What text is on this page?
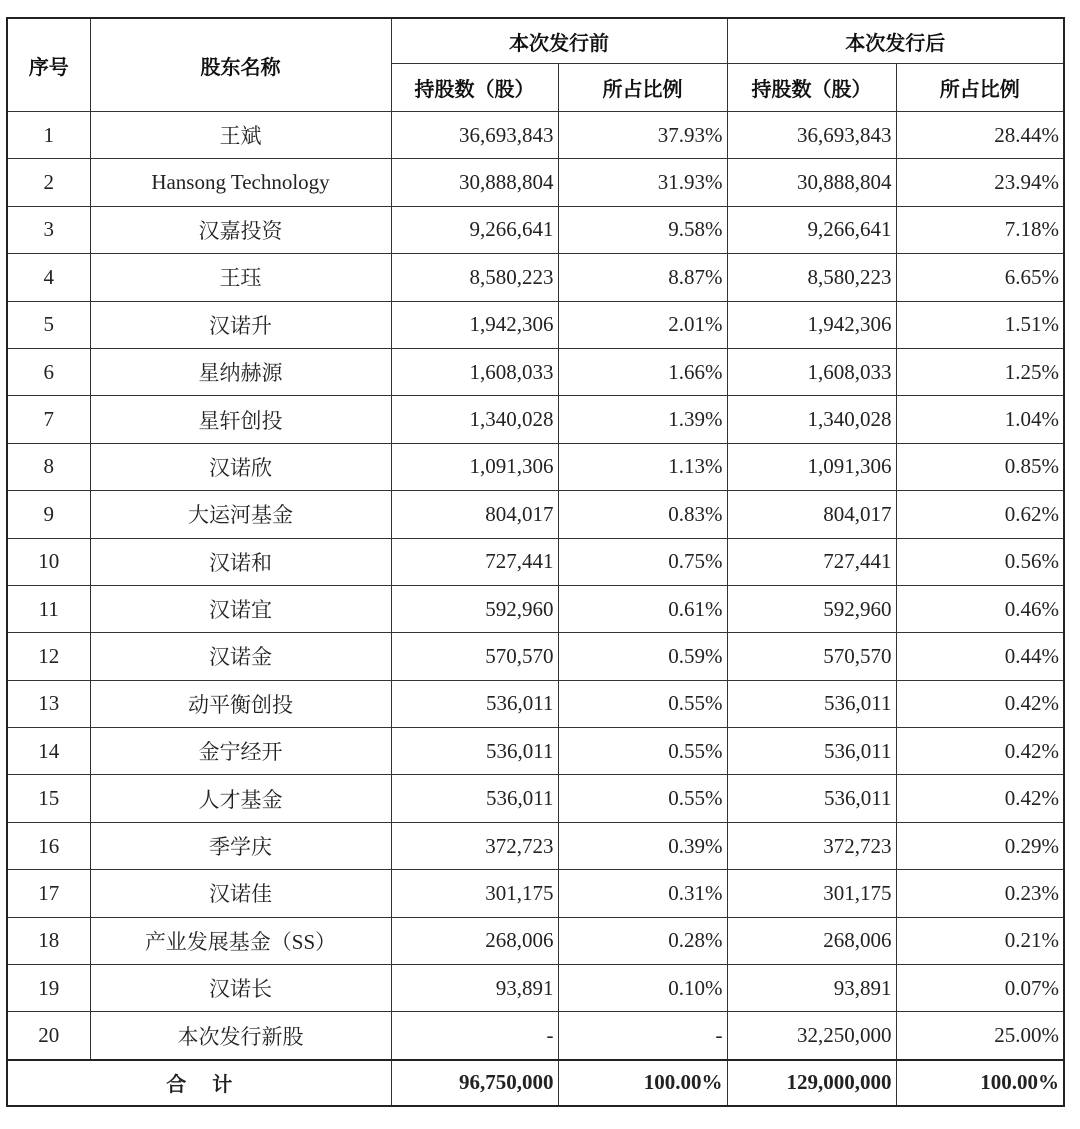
序号	股东名称	本次发行前		本次发行后	
		持股数（股）	所占比例	持股数（股）	所占比例
1	王斌	36,693,843	37.93%	36,693,843	28.44%
2	Hansong Technology	30,888,804	31.93%	30,888,804	23.94%
3	汉嘉投资	9,266,641	9.58%	9,266,641	7.18%
4	王珏	8,580,223	8.87%	8,580,223	6.65%
5	汉诺升	1,942,306	2.01%	1,942,306	1.51%
6	星纳赫源	1,608,033	1.66%	1,608,033	1.25%
7	星轩创投	1,340,028	1.39%	1,340,028	1.04%
8	汉诺欣	1,091,306	1.13%	1,091,306	0.85%
9	大运河基金	804,017	0.83%	804,017	0.62%
10	汉诺和	727,441	0.75%	727,441	0.56%
11	汉诺宜	592,960	0.61%	592,960	0.46%
12	汉诺金	570,570	0.59%	570,570	0.44%
13	动平衡创投	536,011	0.55%	536,011	0.42%
14	金宁经开	536,011	0.55%	536,011	0.42%
15	人才基金	536,011	0.55%	536,011	0.42%
16	季学庆	372,723	0.39%	372,723	0.29%
17	汉诺佳	301,175	0.31%	301,175	0.23%
18	产业发展基金（SS）	268,006	0.28%	268,006	0.21%
19	汉诺长	93,891	0.10%	93,891	0.07%
20	本次发行新股	-	-	32,250,000	25.00%
合计		96,750,000	100.00%	129,000,000	100.00%
